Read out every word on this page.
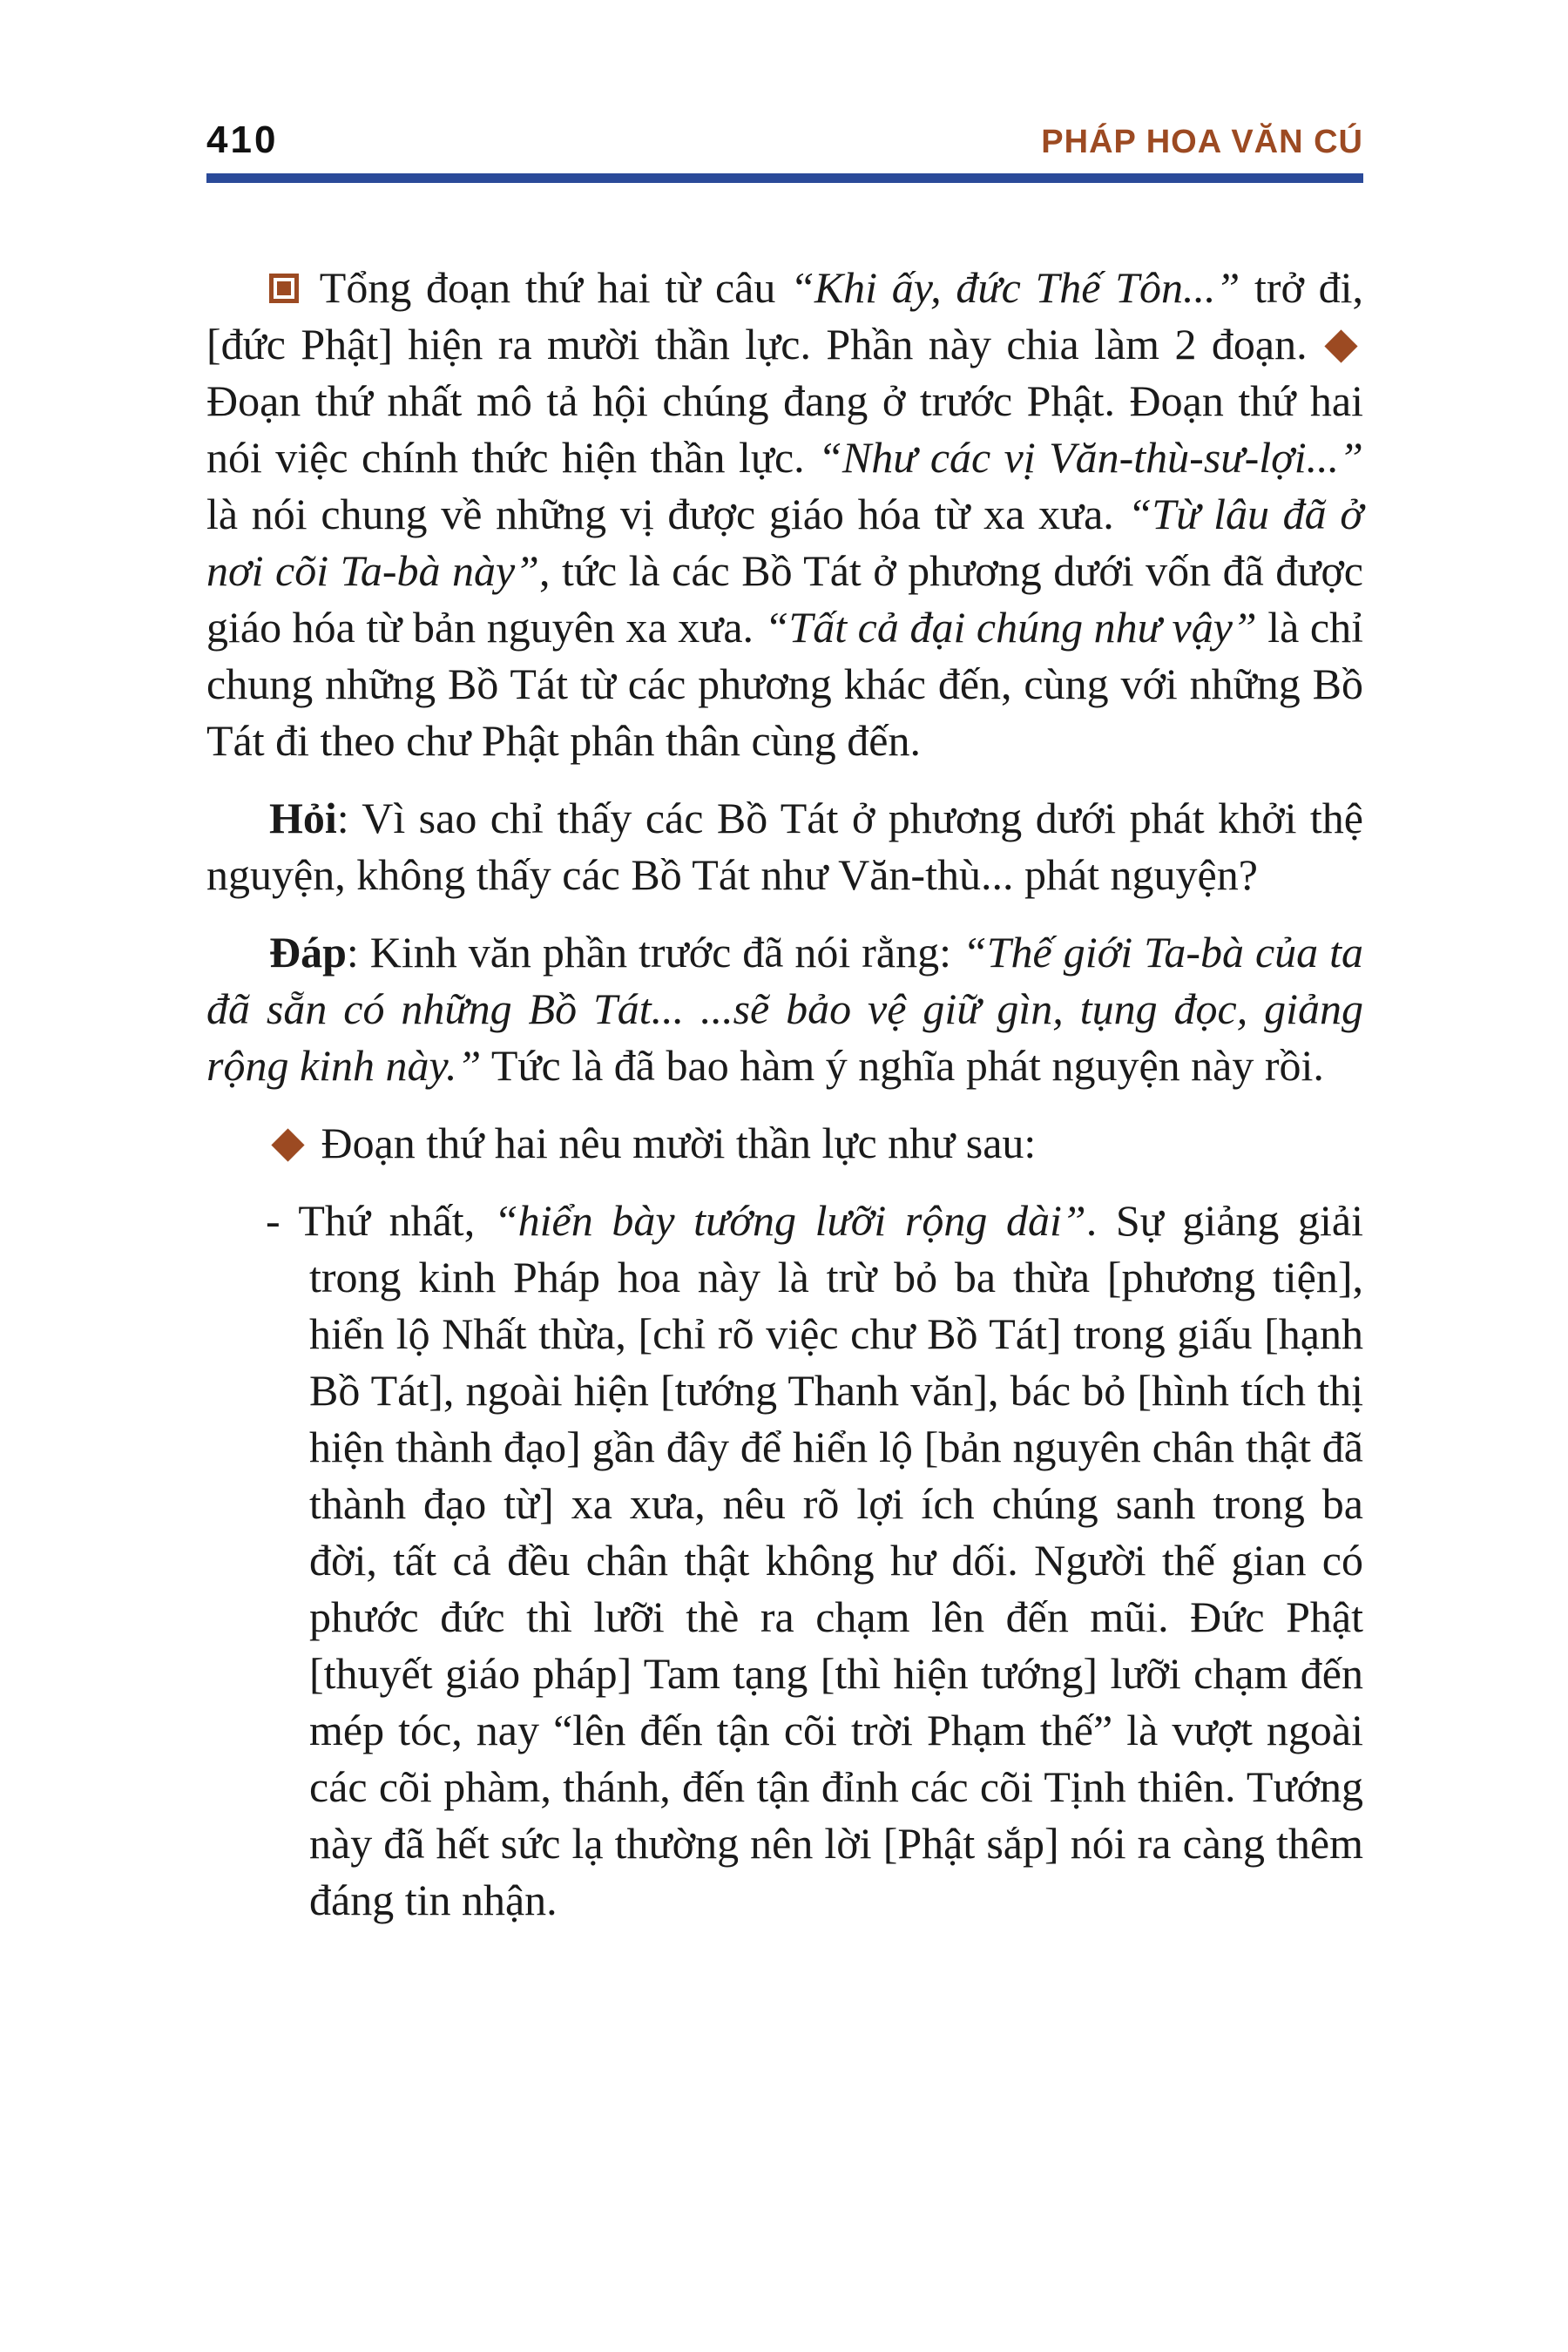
410	PHÁP HOA VĂN CÚ

Tổng đoạn thứ hai từ câu “Khi ấy, đức Thế Tôn...” trở đi, [đức Phật] hiện ra mười thần lực. Phần này chia làm 2 đoạn.  Đoạn thứ nhất mô tả hội chúng đang ở trước Phật. Đoạn thứ hai nói việc chính thức hiện thần lực. “Như các vị Văn-thù-sư-lợi...” là nói chung về những vị được giáo hóa từ xa xưa. “Từ lâu đã ở nơi cõi Ta-bà này”, tức là các Bồ Tát ở phương dưới vốn đã được giáo hóa từ bản nguyên xa xưa. “Tất cả đại chúng như vậy” là chỉ chung những Bồ Tát từ các phương khác đến, cùng với những Bồ Tát đi theo chư Phật phân thân cùng đến.

Hỏi: Vì sao chỉ thấy các Bồ Tát ở phương dưới phát khởi thệ nguyện, không thấy các Bồ Tát như Văn-thù... phát nguyện?

Đáp: Kinh văn phần trước đã nói rằng: “Thế giới Ta-bà của ta đã sẵn có những Bồ Tát... ...sẽ bảo vệ giữ gìn, tụng đọc, giảng rộng kinh này.” Tức là đã bao hàm ý nghĩa phát nguyện này rồi.

Đoạn thứ hai nêu mười thần lực như sau:

- Thứ nhất, “hiển bày tướng lưỡi rộng dài”. Sự giảng giải trong kinh Pháp hoa này là trừ bỏ ba thừa [phương tiện], hiển lộ Nhất thừa, [chỉ rõ việc chư Bồ Tát] trong giấu [hạnh Bồ Tát], ngoài hiện [tướng Thanh văn], bác bỏ [hình tích thị hiện thành đạo] gần đây để hiển lộ [bản nguyên chân thật đã thành đạo từ] xa xưa, nêu rõ lợi ích chúng sanh trong ba đời, tất cả đều chân thật không hư dối. Người thế gian có phước đức thì lưỡi thè ra chạm lên đến mũi. Đức Phật [thuyết giáo pháp] Tam tạng [thì hiện tướng] lưỡi chạm đến mép tóc, nay “lên đến tận cõi trời Phạm thế” là vượt ngoài các cõi phàm, thánh, đến tận đỉnh các cõi Tịnh thiên. Tướng này đã hết sức lạ thường nên lời [Phật sắp] nói ra càng thêm đáng tin nhận.
